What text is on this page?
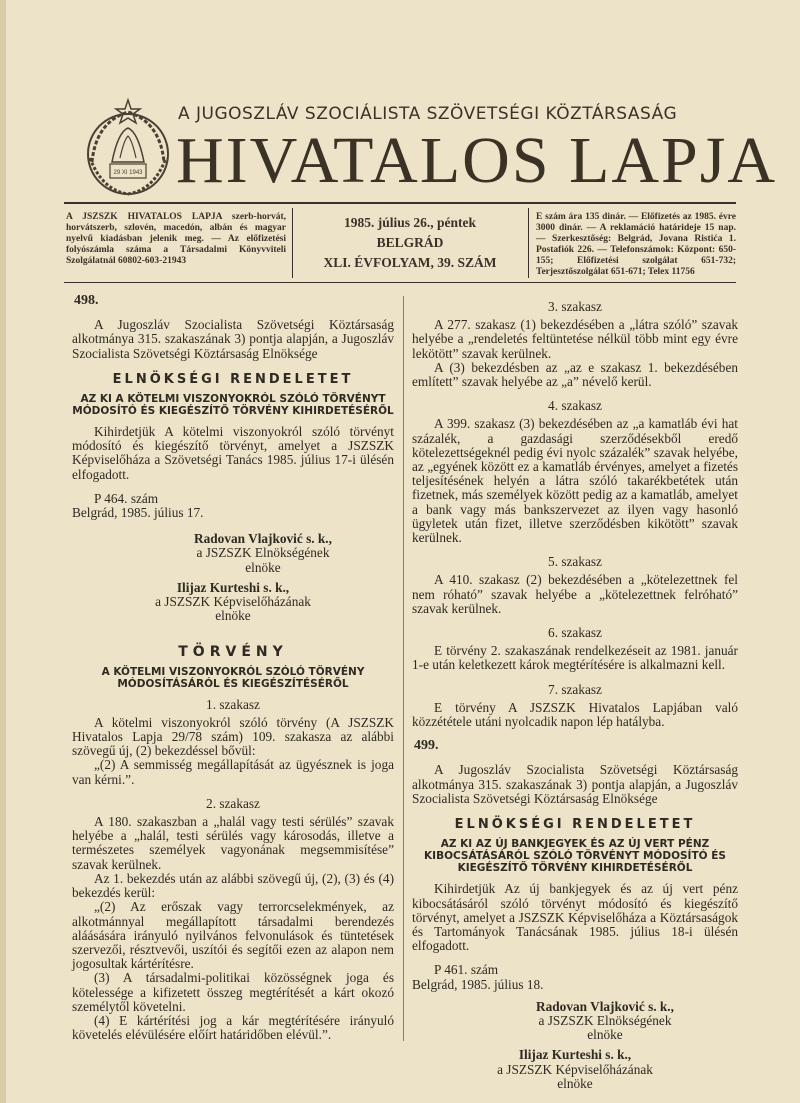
29 XI 1943
A JUGOSZLÁV SZOCIÁLISTA SZÖVETSÉGI KÖZTÁRSASÁG
HIVATALOS LAPJA
A JSZSZK HIVATALOS LAPJA szerb-horvát, horvátszerb, szlovén, macedón, albán és magyar nyelvű kiadásban jelenik meg. — Az előfizetési folyószámla száma a Társadalmi Könyvviteli Szolgálatnál 60802-603-21943
1985. július 26., péntek
BELGRÁD
XLI. ÉVFOLYAM, 39. SZÁM
E szám ára 135 dinár. — Előfizetés az 1985. évre 3000 dinár. — A reklamáció határideje 15 nap. — Szerkesztőség: Belgrád, Jovana Ristića 1. Postafiók 226. — Telefonszámok: Központ: 650-155; Előfizetési szolgálat 651-732; Terjesztőszolgálat 651-671; Telex 11756

498.

A Jugoszláv Szocialista Szövetségi Köztársaság alkotmánya 315. szakaszának 3) pontja alapján, a Jugoszláv Szocialista Szövetségi Köztársaság Elnöksége

ELNÖKSÉGI RENDELETET

AZ KI A KÖTELMI VISZONYOKRÓL SZÓLÓ TÖRVÉNYT MÓDOSÍTÓ ÉS KIEGÉSZÍTŐ TÖRVÉNY KIHIRDETÉSÉRŐL

Kihirdetjük A kötelmi viszonyokról szóló törvényt módosító és kiegészítő törvényt, amelyet a JSZSZK Képviselőháza a Szövetségi Tanács 1985. július 17-i ülésén elfogadott.

P 464. szám

Belgrád, 1985. július 17.

Radovan Vlajković s. k.,

a JSZSZK Elnökségének

elnöke

Ilijaz Kurteshi s. k.,

a JSZSZK Képviselőházának

elnöke

TÖRVÉNY

A KÖTELMI VISZONYOKRÓL SZÓLÓ TÖRVÉNY MÓDOSÍTÁSÁRÓL ÉS KIEGÉSZÍTÉSÉRŐL

1. szakasz

A kötelmi viszonyokról szóló törvény (A JSZSZK Hivatalos Lapja 29/78 szám) 109. szakasza az alábbi szövegű új, (2) bekezdéssel bővül:

„(2) A semmisség megállapítását az ügyésznek is joga van kérni.”.

2. szakasz

A 180. szakaszban a „halál vagy testi sérülés” szavak helyébe a „halál, testi sérülés vagy károsodás, illetve a természetes személyek vagyonának megsemmisítése” szavak kerülnek.

Az 1. bekezdés után az alábbi szövegű új, (2), (3) és (4) bekezdés kerül:

„(2) Az erőszak vagy terrorcselekmények, az alkotmánnyal megállapított társadalmi berendezés aláásására irányuló nyilvános felvonulások és tüntetések szervezői, résztvevői, uszítói és segítői ezen az alapon nem jogosultak kártérítésre.

(3) A társadalmi-politikai közösségnek joga és kötelessége a kifizetett összeg megtérítését a kárt okozó személytől követelni.

(4) E kártérítési jog a kár megtérítésére irányuló követelés elévülésére előírt határidőben elévül.”.

3. szakasz

A 277. szakasz (1) bekezdésében a „látra szóló” szavak helyébe a „rendeletés feltüntetése nélkül több mint egy évre lekötött” szavak kerülnek.

A (3) bekezdésben az „az e szakasz 1. bekezdésében említett” szavak helyébe az „a” névelő kerül.

4. szakasz

A 399. szakasz (3) bekezdésében az „a kamatláb évi hat százalék, a gazdasági szerződésekből eredő kötelezettségeknél pedig évi nyolc százalék” szavak helyébe, az „egyének között ez a kamatláb érvényes, amelyet a fizetés teljesítésének helyén a látra szóló takarékbetétek után fizetnek, más személyek között pedig az a kamatláb, amelyet a bank vagy más bankszervezet az ilyen vagy hasonló ügyletek után fizet, illetve szerződésben kikötött” szavak kerülnek.

5. szakasz

A 410. szakasz (2) bekezdésében a „kötelezettnek fel nem róható” szavak helyébe a „kötelezettnek felróható” szavak kerülnek.

6. szakasz

E törvény 2. szakaszának rendelkezéseit az 1981. január 1-e után keletkezett károk megtérítésére is alkalmazni kell.

7. szakasz

E törvény A JSZSZK Hivatalos Lapjában való közzététele utáni nyolcadik napon lép hatályba.

499.

A Jugoszláv Szocialista Szövetségi Köztársaság alkotmánya 315. szakaszának 3) pontja alapján, a Jugoszláv Szocialista Szövetségi Köztársaság Elnöksége

ELNÖKSÉGI RENDELETET

AZ KI AZ ÚJ BANKJEGYEK ÉS AZ ÚJ VERT PÉNZ KIBOCSÁTÁSÁRÓL SZÓLÓ TÖRVÉNYT MÓDOSÍTÓ ÉS KIEGÉSZÍTŐ TÖRVÉNY KIHIRDETÉSÉRŐL

Kihirdetjük Az új bankjegyek és az új vert pénz kibocsátásáról szóló törvényt módosító és kiegészítő törvényt, amelyet a JSZSZK Képviselőháza a Köztársaságok és Tartományok Tanácsának 1985. július 18-i ülésén elfogadott.

P 461. szám

Belgrád, 1985. július 18.

Radovan Vlajković s. k.,

a JSZSZK Elnökségének

elnöke

Ilijaz Kurteshi s. k.,

a JSZSZK Képviselőházának

elnöke
